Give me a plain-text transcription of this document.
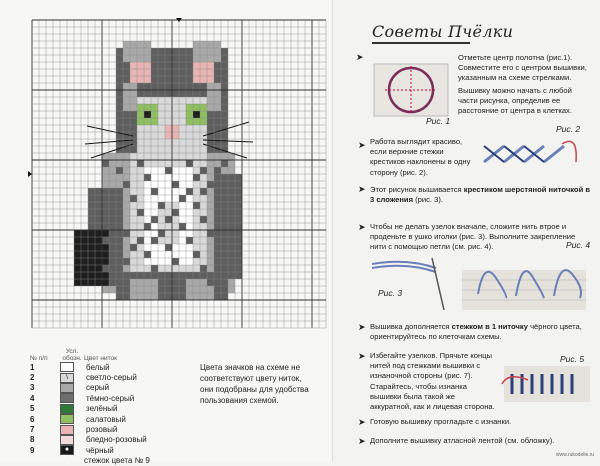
№ п/п
Усл. обозн. Цвет ниток
1	белый
2	\	светло-серый
3	серый
4	тёмно-серый
5	зелёный
6	салатовый
7	розовый
8	бледно-розовый
9	●	чёрный
╲	стежок цвета № 9
Цвета значков на схеме не соответствуют цвету ниток, они подобраны для удобства пользования схемой.
Советы Пчёлки
Рис. 1
➤	Отметьте центр полотна (рис.1). Совместите его с центром вышивки, указанным на схеме стрелками.
Вышивку можно начать с любой части рисунка, определив ее расстояние от центра в клетках.
➤ Работа выглядит красиво, если верхние стежки крестиков наклонены в одну сторону (рис. 2).
Рис. 2
➤ Этот рисунок вышивается крестиком шерстяной ниточкой в 3 сложения (рис. 3).
➤ Чтобы не делать узелок вначале, сложите нить втрое и проденьте в ушко иголки (рис. 3). Выполните закрепление нити с помощью петли (см. рис. 4).
Рис. 3
Рис. 4
➤ Вышивка дополняется стежком в 1 ниточку чёрного цвета, ориентируйтесь по клеточкам схемы.
➤ Избегайте узелков. Прячьте концы нитей под стежками вышивки с изнаночной стороны (рис. 7). Старайтесь, чтобы изнанка вышивки была такой же аккуратной, как и лицевая сторона.
Рис. 5
➤ Готовую вышивку прогладьте с изнанки.
➤ Дополните вышивку атласной лентой (см. обложку).
www.rukodelie.ru
